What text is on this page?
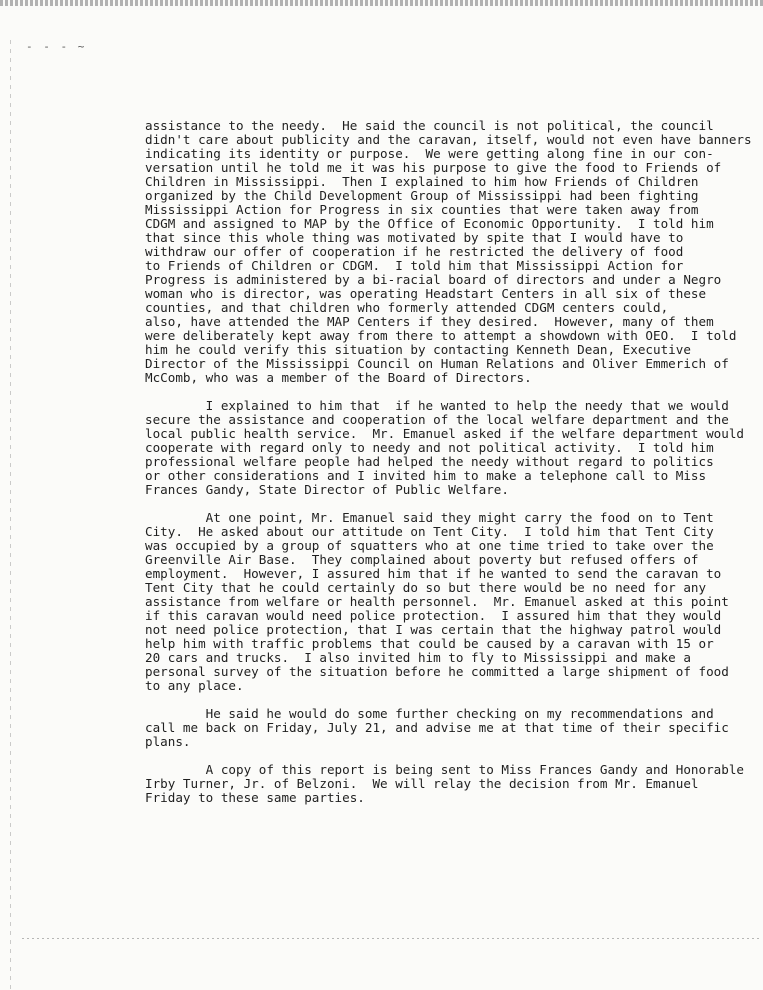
- - - ~
assistance to the needy.  He said the council is not political, the council
didn't care about publicity and the caravan, itself, would not even have banners
indicating its identity or purpose.  We were getting along fine in our con-
versation until he told me it was his purpose to give the food to Friends of
Children in Mississippi.  Then I explained to him how Friends of Children
organized by the Child Development Group of Mississippi had been fighting
Mississippi Action for Progress in six counties that were taken away from
CDGM and assigned to MAP by the Office of Economic Opportunity.  I told him
that since this whole thing was motivated by spite that I would have to
withdraw our offer of cooperation if he restricted the delivery of food
to Friends of Children or CDGM.  I told him that Mississippi Action for
Progress is administered by a bi-racial board of directors and under a Negro
woman who is director, was operating Headstart Centers in all six of these
counties, and that children who formerly attended CDGM centers could,
also, have attended the MAP Centers if they desired.  However, many of them
were deliberately kept away from there to attempt a showdown with OEO.  I told
him he could verify this situation by contacting Kenneth Dean, Executive
Director of the Mississippi Council on Human Relations and Oliver Emmerich of
McComb, who was a member of the Board of Directors.
I explained to him that  if he wanted to help the needy that we would
secure the assistance and cooperation of the local welfare department and the
local public health service.  Mr. Emanuel asked if the welfare department would
cooperate with regard only to needy and not political activity.  I told him
professional welfare people had helped the needy without regard to politics
or other considerations and I invited him to make a telephone call to Miss
Frances Gandy, State Director of Public Welfare.
At one point, Mr. Emanuel said they might carry the food on to Tent
City.  He asked about our attitude on Tent City.  I told him that Tent City
was occupied by a group of squatters who at one time tried to take over the
Greenville Air Base.  They complained about poverty but refused offers of
employment.  However, I assured him that if he wanted to send the caravan to
Tent City that he could certainly do so but there would be no need for any
assistance from welfare or health personnel.  Mr. Emanuel asked at this point
if this caravan would need police protection.  I assured him that they would
not need police protection, that I was certain that the highway patrol would
help him with traffic problems that could be caused by a caravan with 15 or
20 cars and trucks.  I also invited him to fly to Mississippi and make a
personal survey of the situation before he committed a large shipment of food
to any place.
He said he would do some further checking on my recommendations and
call me back on Friday, July 21, and advise me at that time of their specific
plans.
A copy of this report is being sent to Miss Frances Gandy and Honorable
Irby Turner, Jr. of Belzoni.  We will relay the decision from Mr. Emanuel
Friday to these same parties.
